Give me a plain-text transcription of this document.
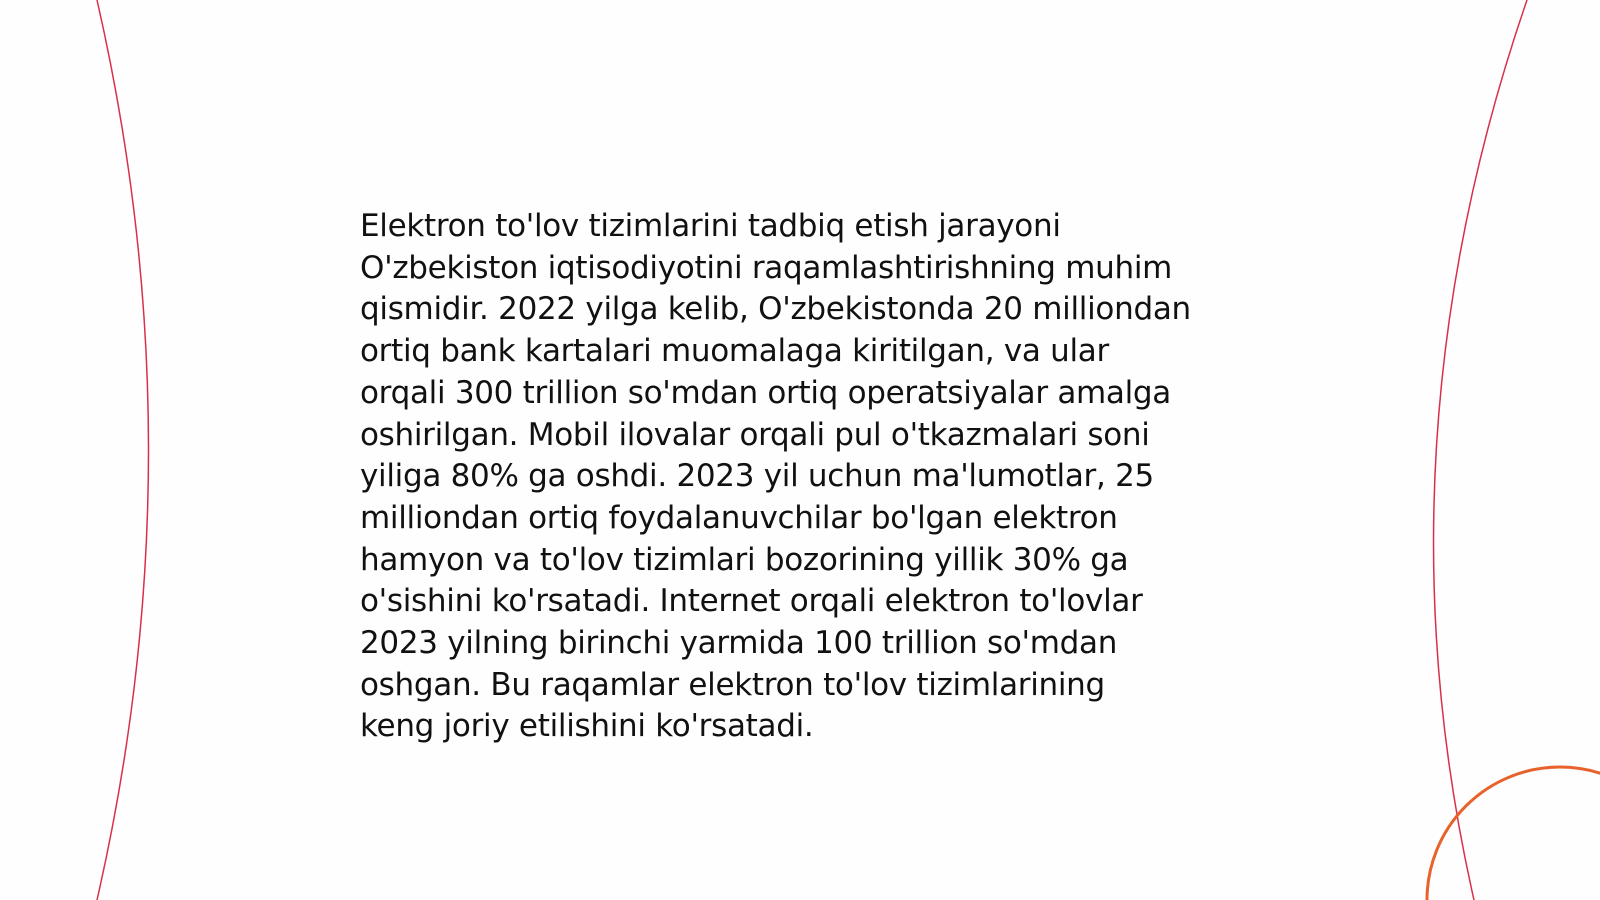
Elektron to'lov tizimlarini tadbiq etish jarayoni
O'zbekiston iqtisodiyotini raqamlashtirishning muhim
qismidir. 2022 yilga kelib, O'zbekistonda 20 milliondan
ortiq bank kartalari muomalaga kiritilgan, va ular
orqali 300 trillion so'mdan ortiq operatsiyalar amalga
oshirilgan. Mobil ilovalar orqali pul o'tkazmalari soni
yiliga 80% ga oshdi. 2023 yil uchun ma'lumotlar, 25
milliondan ortiq foydalanuvchilar bo'lgan elektron
hamyon va to'lov tizimlari bozorining yillik 30% ga
o'sishini ko'rsatadi. Internet orqali elektron to'lovlar
2023 yilning birinchi yarmida 100 trillion so'mdan
oshgan. Bu raqamlar elektron to'lov tizimlarining
keng joriy etilishini ko'rsatadi.
